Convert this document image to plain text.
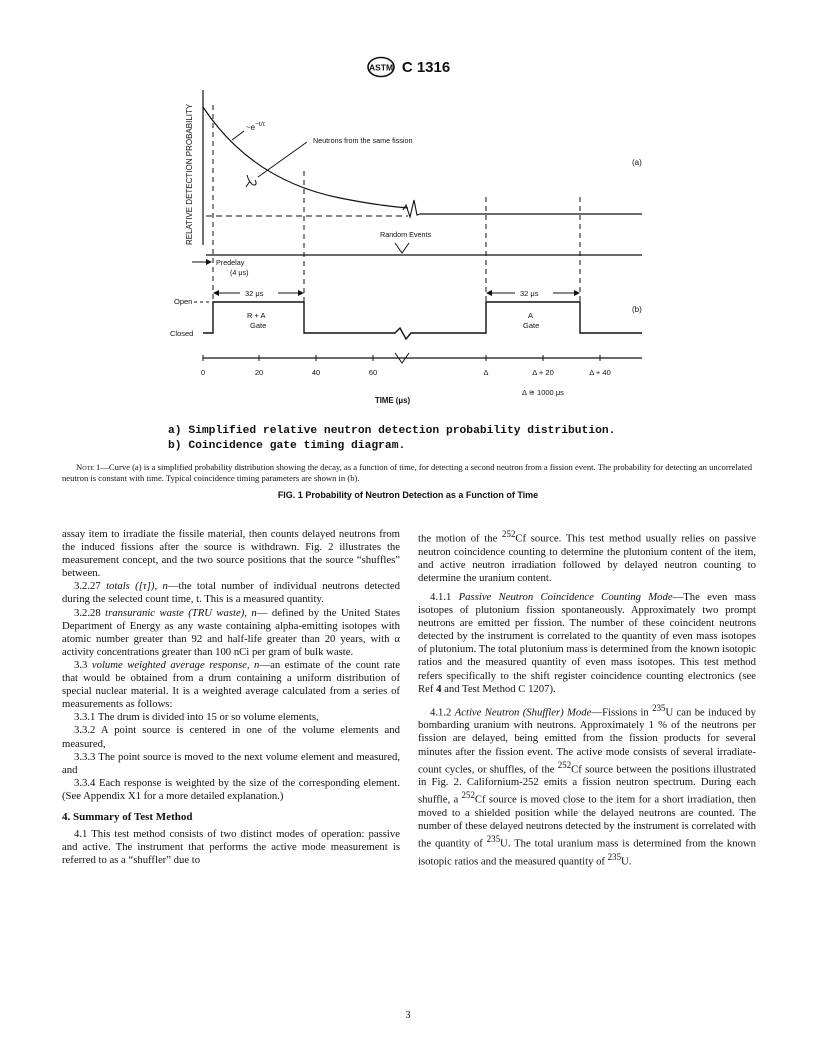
ASTM C 1316
RELATIVE DETECTION PROBABILITY	$\sim e^{-t/\tau}$
Neutrons from the same fission
Random Events
(a)
Predelay
(4 μs)
32 μs	32 μs
Open
Closed
R + A
Gate
A
Gate
(b)
0	20	40	60	Δ	Δ + 20	Δ + 40
TIME (μs)
Δ ≅ 1000 μs
a) Simplified relative neutron detection probability distribution.
b) Coincidence gate timing diagram.
Note 1—Curve (a) is a simplified probability distribution showing the decay, as a function of time, for detecting a second neutron from a fission event. The probability for detecting an uncorrelated neutron is constant with time. Typical coincidence timing parameters are shown in (b).
FIG. 1 Probability of Neutron Detection as a Function of Time

assay item to irradiate the fissile material, then counts delayed neutrons from the induced fissions after the source is withdrawn. Fig. 2 illustrates the measurement concept, and the two source positions that the source “shuffles” between.

3.2.27 totals ([τ]), n—the total number of individual neutrons detected during the selected count time, t. This is a measured quantity.

3.2.28 transuranic waste (TRU waste), n— defined by the United States Department of Energy as any waste containing alpha-emitting isotopes with atomic number greater than 92 and half-life greater than 20 years, with α activity concentrations greater than 100 nCi per gram of bulk waste.

3.3 volume weighted average response, n—an estimate of the count rate that would be obtained from a drum containing a uniform distribution of special nuclear material. It is a weighted average calculated from a series of measurements as follows:

3.3.1 The drum is divided into 15 or so volume elements,

3.3.2 A point source is centered in one of the volume elements and measured,

3.3.3 The point source is moved to the next volume element and measured, and

3.3.4 Each response is weighted by the size of the corresponding element. (See Appendix X1 for a more detailed explanation.)

4. Summary of Test Method

4.1 This test method consists of two distinct modes of operation: passive and active. The instrument that performs the active mode measurement is referred to as a “shuffler” due to

the motion of the $^{252}$Cf source. This test method usually relies on passive neutron coincidence counting to determine the plutonium content of the item, and active neutron irradiation followed by delayed neutron counting to determine the uranium content.

4.1.1 Passive Neutron Coincidence Counting Mode—The even mass isotopes of plutonium fission spontaneously. Approximately two prompt neutrons are emitted per fission. The number of these coincident neutrons detected by the instrument is correlated to the quantity of even mass isotopes of plutonium. The total plutonium mass is determined from the known isotopic ratios and the measured quantity of even mass isotopes. This test method refers specifically to the shift register coincidence counting electronics (see Ref 4 and Test Method C 1207).

4.1.2 Active Neutron (Shuffler) Mode—Fissions in $^{235}$U can be induced by bombarding uranium with neutrons. Approximately 1 % of the neutrons per fission are delayed, being emitted from the fission products for several minutes after the fission event. The active mode consists of several irradiate-count cycles, or shuffles, of the $^{252}$Cf source between the positions illustrated in Fig. 2. Californium-252 emits a fission neutron spectrum. During each shuffle, a $^{252}$Cf source is moved close to the item for a short irradiation, then moved to a shielded position while the delayed neutrons are counted. The number of these delayed neutrons detected by the instrument is correlated with the quantity of $^{235}$U. The total uranium mass is determined from the known isotopic ratios and the measured quantity of $^{235}$U.

3
